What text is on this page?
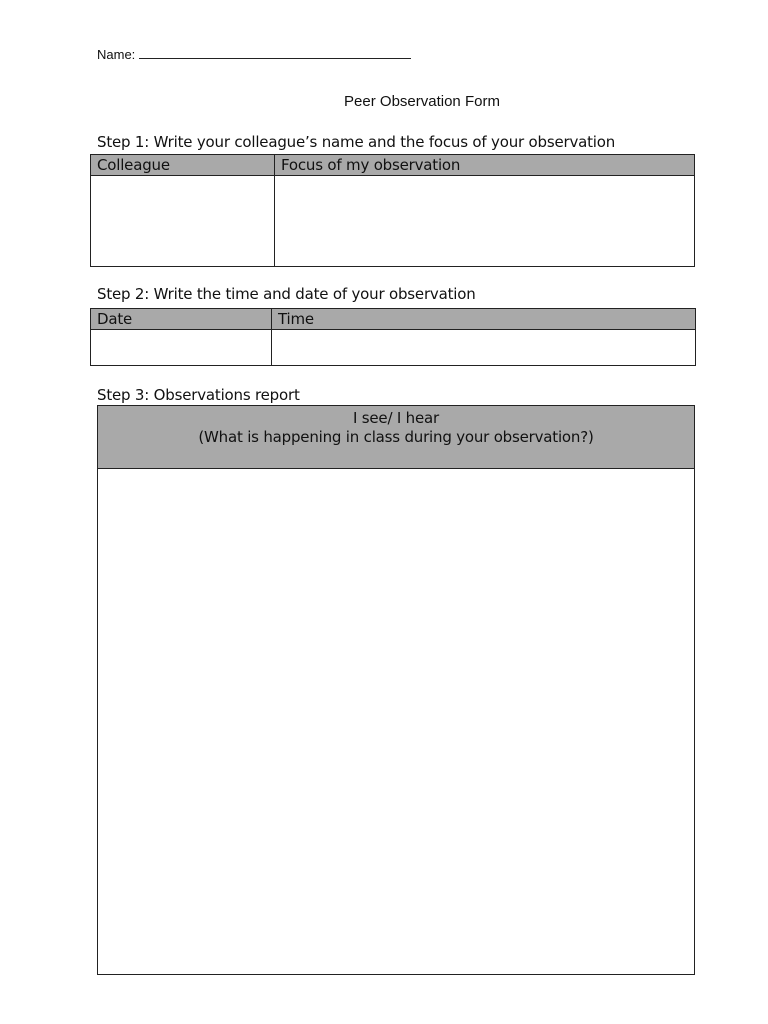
Name:
Peer Observation Form
Step 1: Write your colleague’s name and the focus of your observation
Colleague	Focus of my observation

Step 2: Write the time and date of your observation
Date	Time

Step 3: Observations report
I see/ I hear
(What is happening in class during your observation?)
